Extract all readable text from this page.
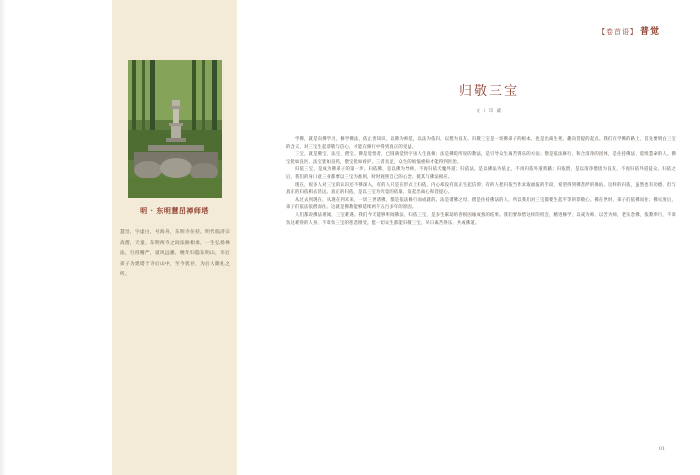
明 · 东明慧旵禅师塔
慧旵，字虚白，号海舟，东明寺住持。明代临济宗高僧，天童、东明两寺之间法脉相承，一生弘扬禅法，行持精严，道风远播，晚年归隐东明山，卒后弟子为建塔于寺后山中，至今犹存，为后人瞻礼之所。
【卷首语】 普觉
归敬三宝
文 / 印 藏

学佛，就是向佛学习，修学佛法，依止善知识，以佛为师范，以法为依归，以僧为良友。归敬三宝是一切佛弟子的根本，也是出离生死、趣向菩提的起点。我们在学佛的路上，首先要明白三宝的含义，对三宝生起恭敬与信心，才能在修行中得到真正的受益。

三宝，就是佛宝、法宝、僧宝。佛是觉悟者，已圆满觉悟宇宙人生真相；法是佛陀所说的教法，是引导众生离苦得乐的方法；僧是依法修行、和合清净的团体，是住持佛法、延续慧命的人。佛宝犹如良医，法宝犹如良药，僧宝犹如看护，三者具足，众生的烦恼重病才能得到医治。

归依三宝，是成为佛弟子的第一步。归依佛，是以佛为导师，不再归依天魔外道；归依法，是以佛法为依止，不再归依外道典籍；归依僧，是以清净僧团为良友，不再归依外道徒众。归依之后，我们的身口意三业都要以三宝为准则，时时观照自己的心念，使其与佛法相应。

现在，很多人对三宝的认识还不够深入，有的人只是在形式上归依，内心却没有真正生起信仰；有的人把归依当作求取福报的手段，希望得到佛菩萨的保佑。这样的归依，虽然也有功德，但与真正的归依相去甚远。真正的归依，是以三宝为究竟的依靠，发起出离心和菩提心。

从过去到现在，从现在到未来，一切三世诸佛，都是依法修行而成就的。法是诸佛之母，僧是住持佛法的人，所以我们对三宝都要生起平等的恭敬心。佛在世时，弟子们依佛而住；佛灭度后，弟子们依法依僧而住。这就是佛教能够延续两千五百多年的原因。

人们都说佛法难闻，三宝难遇。我们今天能够听闻佛法、归依三宝，是多生累劫的善根因缘成熟的结果。我们要珍惜这样的机会，精进修学，以戒为师，以苦为师，老实念佛，依教奉行，不辜负这难得的人身，不辜负三宝的慈悲摄受。愿一切众生都能归敬三宝，早日离苦得乐，共成佛道。

01
